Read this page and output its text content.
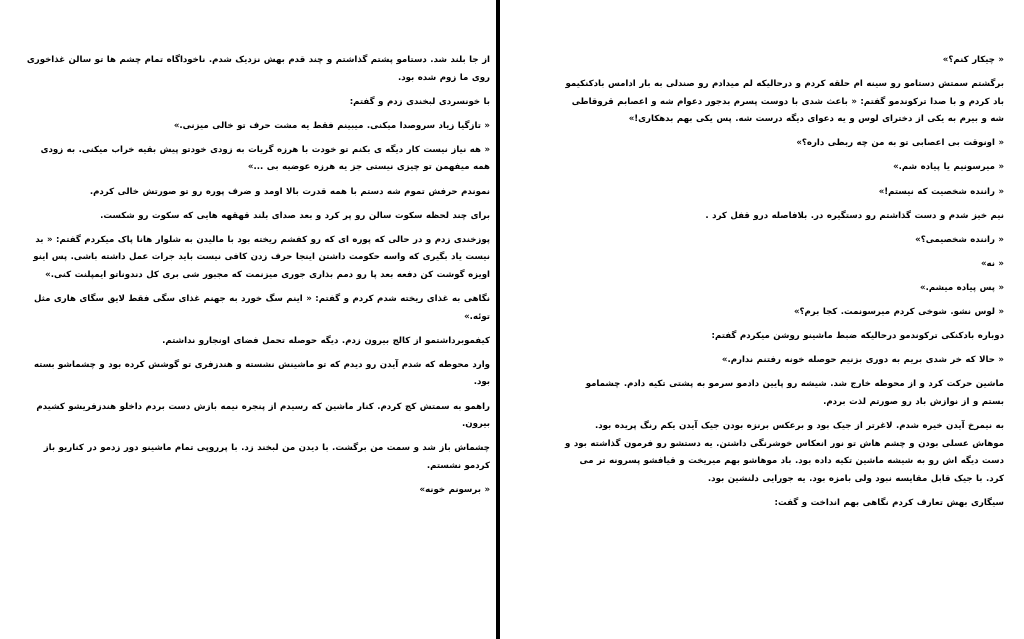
از جا بلند شد. دستامو پشتم گذاشتم و چند قدم بهش نزدیک شدم. ناخوداگاه تمام چشم ها تو سالن غذاخوری روی ما زوم شده بود.

با خونسردی لبخندی زدم و گفتم:

« تازگیا زیاد سروصدا میکنی. میبینم فقط یه مشت حرف تو خالی میزنی.»

« هه نیاز نیست کار دیگه ی بکنم تو خودت با هرزه گریات به زودی خودتو پیش بقیه خراب میکنی. به زودی همه میفهمن تو چیزی نیستی جز یه هرزه عوضیه بی ...»

نموندم حرفش تموم شه دستم با همه قدرت بالا اومد و ضرف پوره رو تو صورتش خالی کردم.

برای چند لحظه سکوت سالن رو پر کرد و بعد صدای بلند قهقهه هایی که سکوت رو شکست.

پوزخندی زدم و در حالی که پوره ای که رو کفشم ریخته بود با مالیدن به شلوار هانا پاک میکردم گفتم: « بد نیست یاد بگیری که واسه حکومت داشتن اینجا حرف زدن کافی نیست باید جرات عمل داشته باشی. پس اینو اویزه گوشت کن دفعه بعد پا رو دمم بذاری جوری میزنمت که مجبور شی بری کل دندوناتو ایمپلنت کنی.»

نگاهی به غذای ریخته شدم کردم و گفتم: « اینم سگ خورد به جهنم غذای سگی فقط لایق سگای هاری مثل توئه.»

کیفموبرداشتمو از کالج بیرون زدم. دیگه حوصله تحمل فضای اونجارو نداشتم.

وارد محوطه که شدم آیدن رو دیدم که تو ماشینش نشسته و هندزفری تو گوشش کرده بود و چشماشو بسته بود.

راهمو به سمتش کج کردم. کنار ماشین که رسیدم از پنجره نیمه بازش دست بردم داخلو هندزفریشو کشیدم بیرون.

چشماش باز شد و سمت من برگشت. با دیدن من لبخند زد. با پرروپی تمام ماشینو دور زدمو در کناریو باز کردمو نشستم.

« برسونم خونه»

« چیکار کنم؟»

برگشتم سمتش دستامو رو سینه ام حلقه کردم و درحالیکه لم میدادم رو صندلی به بار ادامس بادکنکیمو باد کردم و با صدا ترکوندمو گفتم: « باعث شدی با دوست پسرم بدجور دعوام شه و اعصابم قروقاطی شه و بیرم به یکی از دخترای لوس و یه دعوای دیگه درست شه. پس یکی بهم بدهکاری!»

« اونوقت بی اعصابی تو به من چه ربطی داره؟»

« میرسونیم یا پیاده شم.»

« راننده شخصیت که نیستم!»

نیم خیز شدم و دست گذاشتم رو دستگیره در. بلافاصله درو قفل کرد .

« راننده شخصیمی؟»

« نه»

« پس پیاده میشم.»

« لوس نشو. شوخی کردم میرسونمت. کجا برم؟»

دوباره بادکنکی ترکوندمو درحالیکه ضبط ماشینو روشن میکردم گفتم:

« حالا که خر شدی بریم به دوری بزنیم حوصله خونه رفتنم ندارم.»

ماشین حرکت کرد و از محوطه خارج شد. شیشه رو پایین دادمو سرمو به پشتی تکیه دادم. چشمامو بستم و از نوازش باد رو صورتم لذت بردم.

به نیمرخ آیدن خیره شدم. لاغرتر از جیک بود و برعکس برنزه بودن جیک آیدن یکم رنگ پریده بود. موهاش عسلی بودن و چشم هاش تو نور انعکاس خوشرنگی داشتن. یه دستشو رو فرمون گذاشته بود و دست دیگه اش رو به شیشه ماشین تکیه داده بود. باد موهاشو بهم میریخت و قیافشو پسرونه تر می کرد. با جیک قابل مقایسه نبود ولی بامزه بود. یه جورایی دلنشین بود.

سیگاری بهش تعارف کردم نگاهی بهم انداخت و گفت:
